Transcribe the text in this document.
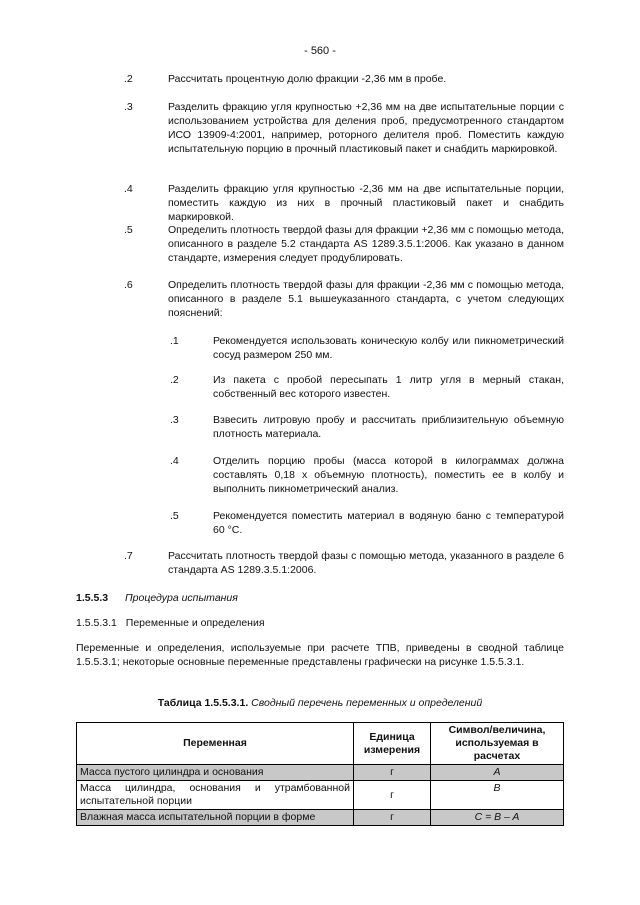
- 560 -
.2	Рассчитать процентную долю фракции -2,36 мм в пробе.
.3	Разделить фракцию угля крупностью +2,36 мм на две испытательные порции с использованием устройства для деления проб, предусмотренного стандартом ИСО 13909-4:2001, например, роторного делителя проб. Поместить каждую испытательную порцию в прочный пластиковый пакет и снабдить маркировкой.
.4	Разделить фракцию угля крупностью -2,36 мм на две испытательные порции, поместить каждую из них в прочный пластиковый пакет и снабдить маркировкой.
.5	Определить плотность твердой фазы для фракции +2,36 мм с помощью метода, описанного в разделе 5.2 стандарта AS 1289.3.5.1:2006. Как указано в данном стандарте, измерения следует продублировать.
.6	Определить плотность твердой фазы для фракции -2,36 мм с помощью метода, описанного в разделе 5.1 вышеуказанного стандарта, с учетом следующих пояснений:
.1	Рекомендуется использовать коническую колбу или пикнометрический сосуд размером 250 мм.
.2	Из пакета с пробой пересыпать 1 литр угля в мерный стакан, собственный вес которого известен.
.3	Взвесить литровую пробу и рассчитать приблизительную объемную плотность материала.
.4	Отделить порцию пробы (масса которой в килограммах должна составлять 0,18 x объемную плотность), поместить ее в колбу и выполнить пикнометрический анализ.
.5	Рекомендуется поместить материал в водяную баню с температурой 60 °С.
.7	Рассчитать плотность твердой фазы с помощью метода, указанного в разделе 6 стандарта AS 1289.3.5.1:2006.
1.5.5.3 Процедура испытания
1.5.5.3.1 Переменные и определения
Переменные и определения, используемые при расчете ТПВ, приведены в сводной таблице 1.5.5.3.1; некоторые основные переменные представлены графически на рисунке 1.5.5.3.1.
Таблица 1.5.5.3.1. Сводный перечень переменных и определений
Переменная	Единица измерения	Символ/величина, используемая в расчетах
Масса пустого цилиндра и основания	г	A
Масса цилиндра, основания и утрамбованной испытательной порции	г	B
Влажная масса испытательной порции в форме	г	C = B – A
